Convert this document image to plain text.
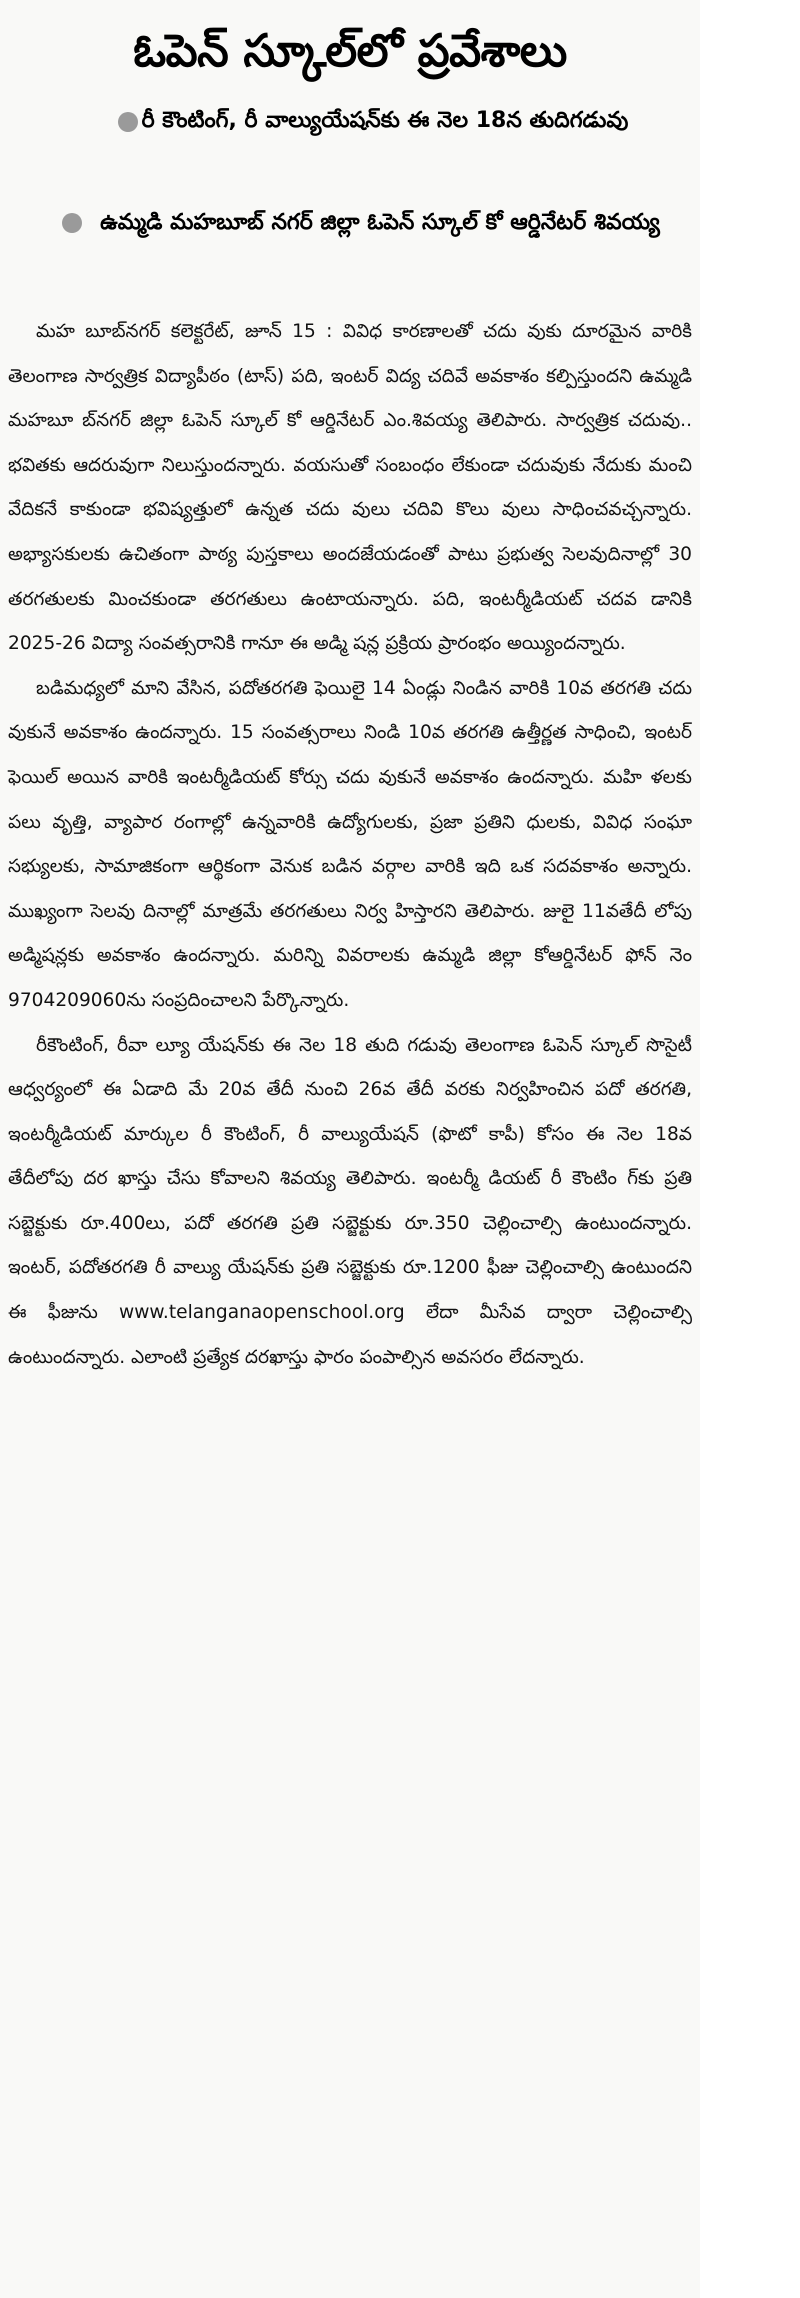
ఓపెన్ స్కూల్‌లో ప్రవేశాలు
రీ కౌంటింగ్, రీ వాల్యుయేషన్‌కు ఈ నెల 18న తుదిగడువు
ఉమ్మడి మహబూబ్ నగర్ జిల్లా ఓపెన్ స్కూల్ కో ఆర్డినేటర్ శివయ్య

మహ బూబ్‌నగర్ కలెక్టరేట్, జూన్ 15 : వివిధ కారణాలతో చదు వుకు దూరమైన వారికి తెలంగాణ సార్వత్రిక విద్యాపీఠం (టాస్) పది, ఇంటర్ విద్య చదివే అవకాశం కల్పిస్తుందని ఉమ్మడి మహబూ బ్‌నగర్ జిల్లా ఓపెన్ స్కూల్ కో ఆర్డినేటర్ ఎం.శివయ్య తెలిపారు. సార్వత్రిక చదువు.. భవితకు ఆదరువుగా నిలుస్తుందన్నారు. వయసుతో సంబంధం లేకుండా చదువుకు నేదుకు మంచి వేదికనే కాకుండా భవిష్యత్తులో ఉన్నత చదు వులు చదివి కొలు వులు సాధించవచ్చన్నారు. అభ్యాసకులకు ఉచితంగా పాఠ్య పుస్తకాలు అందజేయడంతో పాటు ప్రభుత్వ సెలవుదినాల్లో 30 తరగతులకు మించకుండా తరగతులు ఉంటాయన్నారు. పది, ఇంటర్మీడియట్ చదవ డానికి 2025-26 విద్యా సంవత్సరానికి గానూ ఈ అడ్మి షన్ల ప్రక్రియ ప్రారంభం అయ్యిందన్నారు.

బడిమధ్యలో మాని వేసిన, పదోతరగతి ఫెయిలై 14 ఏండ్లు నిండిన వారికి 10వ తరగతి చదు వుకునే అవకాశం ఉందన్నారు. 15 సంవత్సరాలు నిండి 10వ తరగతి ఉత్తీర్ణత సాధించి, ఇంటర్ ఫెయిల్ అయిన వారికి ఇంటర్మీడియట్ కోర్సు చదు వుకునే అవకాశం ఉందన్నారు. మహి ళలకు పలు వృత్తి, వ్యాపార రంగాల్లో ఉన్నవారికి ఉద్యోగులకు, ప్రజా ప్రతిని ధులకు, వివిధ సంఘా సభ్యులకు, సామాజికంగా ఆర్థికంగా వెనుక బడిన వర్గాల వారికి ఇది ఒక సదవకాశం అన్నారు. ముఖ్యంగా సెలవు దినాల్లో మాత్రమే తరగతులు నిర్వ హిస్తారని తెలిపారు. జులై 11వతేదీ లోపు అడ్మిషన్లకు అవకాశం ఉందన్నారు. మరిన్ని వివరాలకు ఉమ్మడి జిల్లా కోఆర్డినేటర్ ఫోన్ నెం 9704209060ను సంప్రదించాలని పేర్కొన్నారు.

రీకౌంటింగ్, రీవా ల్యూ యేషన్‌కు ఈ నెల 18 తుది గడువు తెలంగాణ ఓపెన్ స్కూల్ సొసైటీ ఆధ్వర్యంలో ఈ ఏడాది మే 20వ తేదీ నుంచి 26వ తేదీ వరకు నిర్వహించిన పదో తరగతి, ఇంటర్మీడియట్ మార్కుల రీ కౌంటింగ్, రీ వాల్యుయేషన్ (ఫొటో కాపీ) కోసం ఈ నెల 18వ తేదీలోపు దర ఖాస్తు చేసు కోవాలని శివయ్య తెలిపారు. ఇంటర్మీ డియట్ రీ కౌంటిం గ్‌కు ప్రతి సబ్జెక్టుకు రూ.400లు, పదో తరగతి ప్రతి సబ్జెక్టుకు రూ.350 చెల్లించాల్సి ఉంటుందన్నారు. ఇంటర్, పదోతరగతి రీ వాల్యు యేషన్‌కు ప్రతి సబ్జెక్టుకు రూ.1200 ఫీజు చెల్లించాల్సి ఉంటుందని ఈ ఫీజును www.telanganaopenschool.org లేదా మీసేవ ద్వారా చెల్లించాల్సి ఉంటుందన్నారు. ఎలాంటి ప్రత్యేక దరఖాస్తు ఫారం పంపాల్సిన అవసరం లేదన్నారు.
